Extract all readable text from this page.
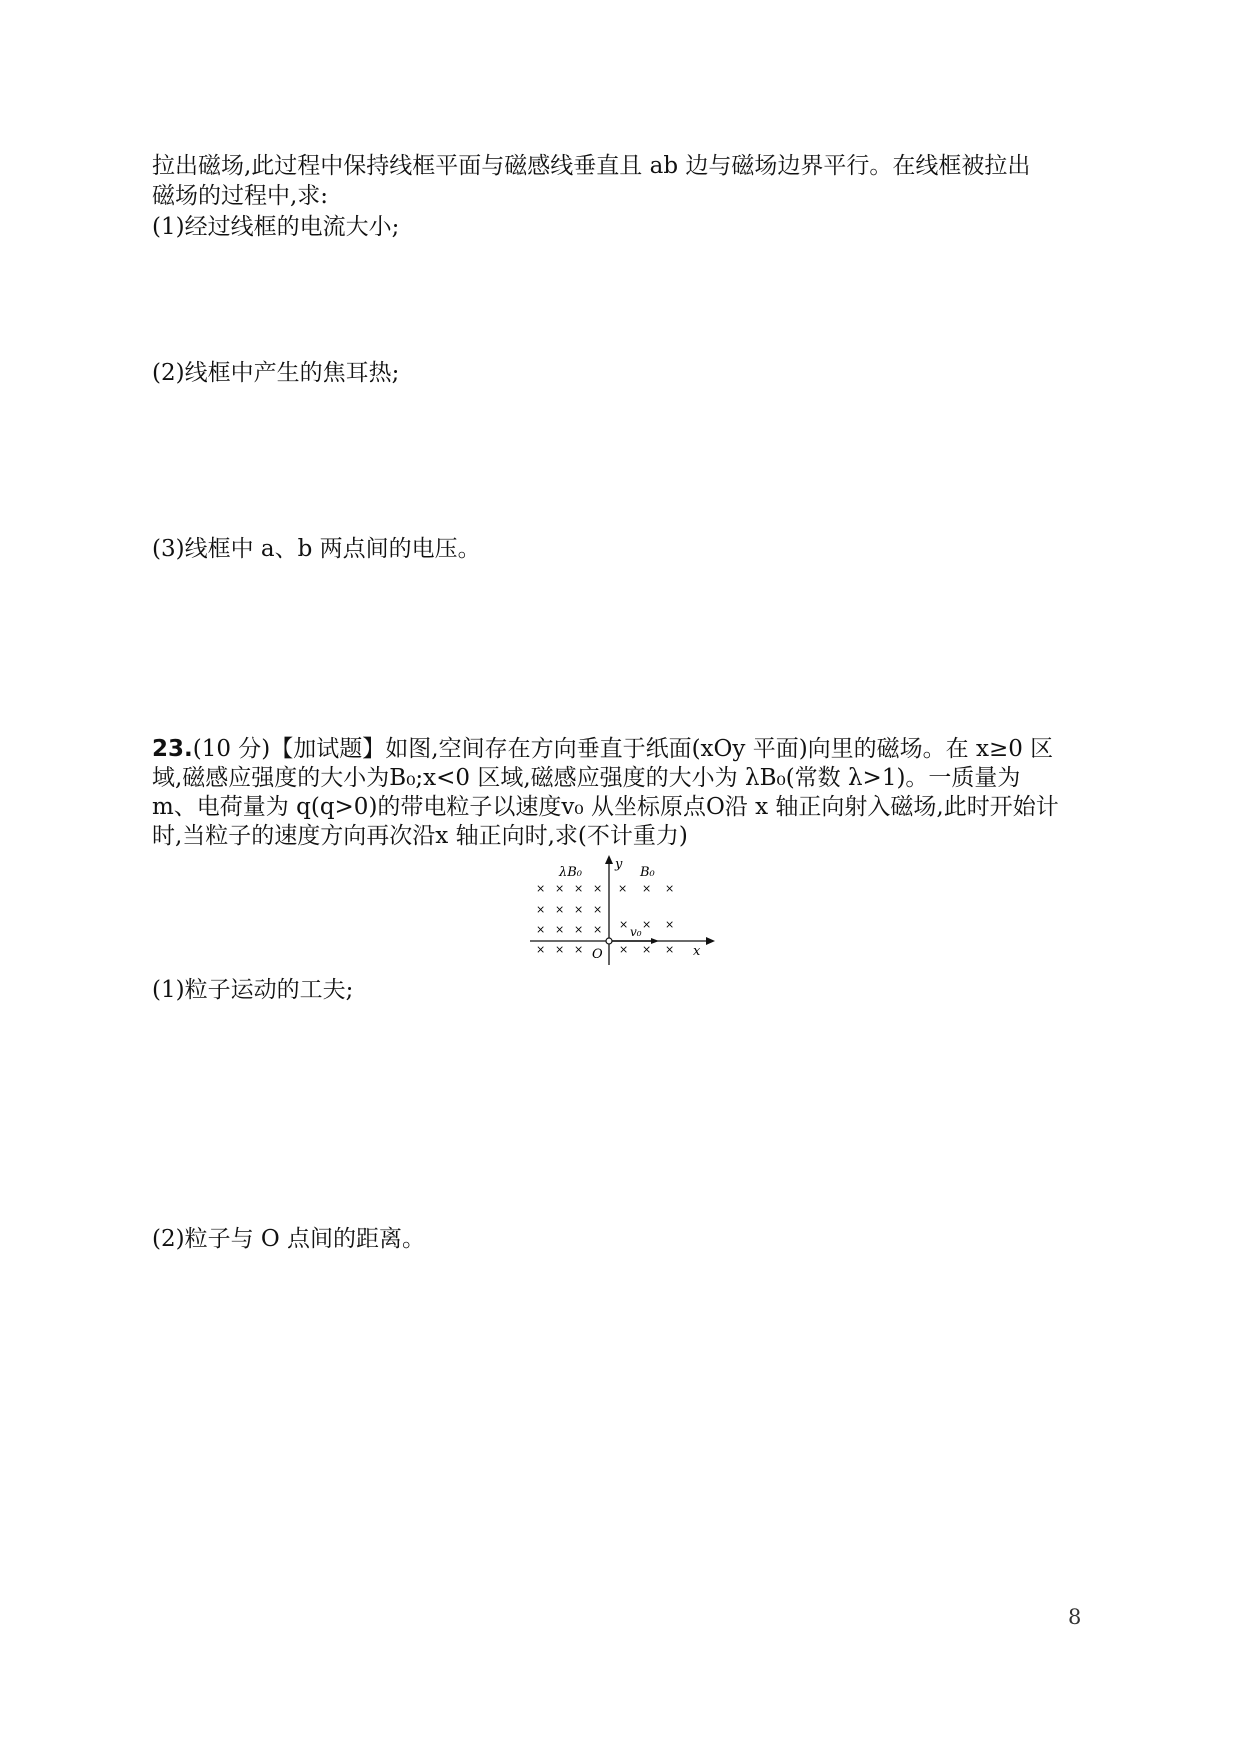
拉出磁场,此过程中保持线框平面与磁感线垂直且 ab 边与磁场边界平行。在线框被拉出
磁场的过程中,求:
(1)经过线框的电流大小;
(2)线框中产生的焦耳热;
(3)线框中 a、b 两点间的电压。
23.(10 分)【加试题】如图,空间存在方向垂直于纸面(xOy 平面)向里的磁场。在 x≥0 区
域,磁感应强度的大小为B₀;x<0 区域,磁感应强度的大小为 λB₀(常数 λ>1)。一质量为
m、电荷量为 q(q>0)的带电粒子以速度v₀ 从坐标原点O沿 x 轴正向射入磁场,此时开始计
时,当粒子的速度方向再次沿x 轴正向时,求(不计重力)
λB₀	B₀
y
x
O
v₀
× × × ×
× × × ×
× × × ×
× × ×
× × ×
× × ×
× × ×
(1)粒子运动的工夫;
(2)粒子与 O 点间的距离。
8
